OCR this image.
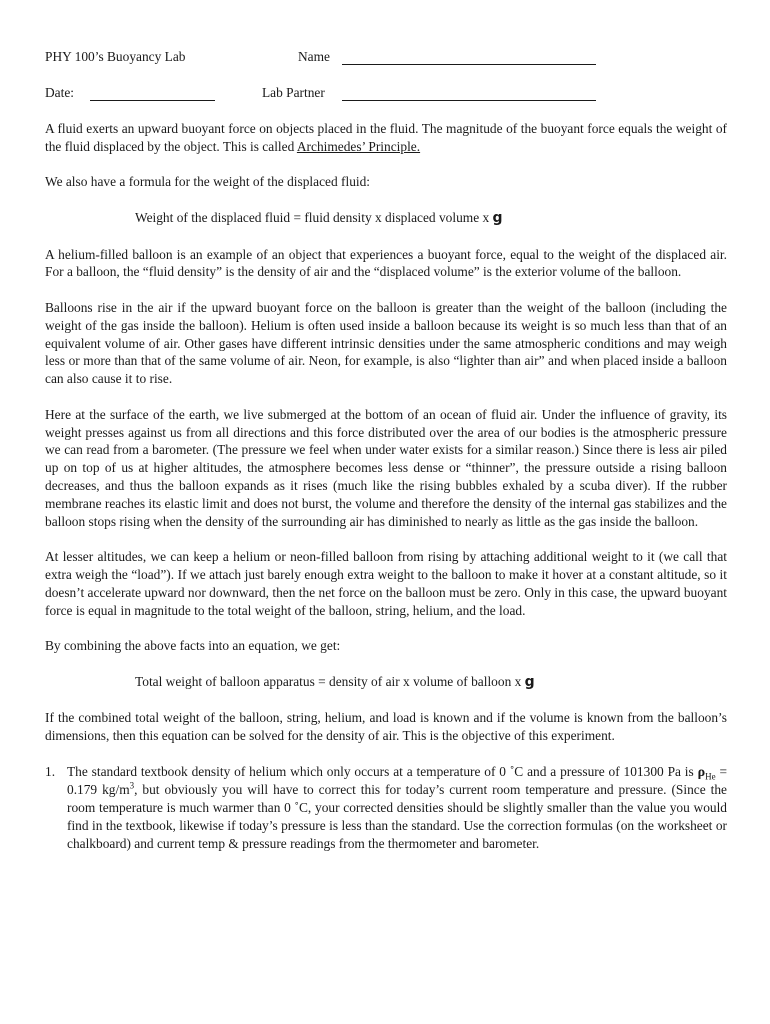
PHY 100’s Buoyancy Lab	Name
Date:	Lab Partner

A fluid exerts an upward buoyant force on objects placed in the fluid. The magnitude of the buoyant force equals the weight of the fluid displaced by the object. This is called Archimedes’ Principle.

We also have a formula for the weight of the displaced fluid:

Weight of the displaced fluid = fluid density x displaced volume x g

A helium-filled balloon is an example of an object that experiences a buoyant force, equal to the weight of the displaced air. For a balloon, the “fluid density” is the density of air and the “displaced volume” is the exterior volume of the balloon.

Balloons rise in the air if the upward buoyant force on the balloon is greater than the weight of the balloon (including the weight of the gas inside the balloon). Helium is often used inside a balloon because its weight is so much less than that of an equivalent volume of air. Other gases have different intrinsic densities under the same atmospheric conditions and may weigh less or more than that of the same volume of air. Neon, for example, is also “lighter than air” and when placed inside a balloon can also cause it to rise.

Here at the surface of the earth, we live submerged at the bottom of an ocean of fluid air. Under the influence of gravity, its weight presses against us from all directions and this force distributed over the area of our bodies is the atmospheric pressure we can read from a barometer. (The pressure we feel when under water exists for a similar reason.) Since there is less air piled up on top of us at higher altitudes, the atmosphere becomes less dense or “thinner”, the pressure outside a rising balloon decreases, and thus the balloon expands as it rises (much like the rising bubbles exhaled by a scuba diver). If the rubber membrane reaches its elastic limit and does not burst, the volume and therefore the density of the internal gas stabilizes and the balloon stops rising when the density of the surrounding air has diminished to nearly as little as the gas inside the balloon.

At lesser altitudes, we can keep a helium or neon-filled balloon from rising by attaching additional weight to it (we call that extra weigh the “load”). If we attach just barely enough extra weight to the balloon to make it hover at a constant altitude, so it doesn’t accelerate upward nor downward, then the net force on the balloon must be zero. Only in this case, the upward buoyant force is equal in magnitude to the total weight of the balloon, string, helium, and the load.

By combining the above facts into an equation, we get:

Total weight of balloon apparatus = density of air x volume of balloon x g

If the combined total weight of the balloon, string, helium, and load is known and if the volume is known from the balloon’s dimensions, then this equation can be solved for the density of air. This is the objective of this experiment.

1. The standard textbook density of helium which only occurs at a temperature of 0 ˚C and a pressure of 101300 Pa is $\rho_{He} = 0.179$ $kg/m^3$, but obviously you will have to correct this for today’s current room temperature and pressure. (Since the room temperature is much warmer than 0 ˚C, your corrected densities should be slightly smaller than the value you would find in the textbook, likewise if today’s pressure is less than the standard. Use the correction formulas (on the worksheet or chalkboard) and current temp & pressure readings from the thermometer and barometer.
